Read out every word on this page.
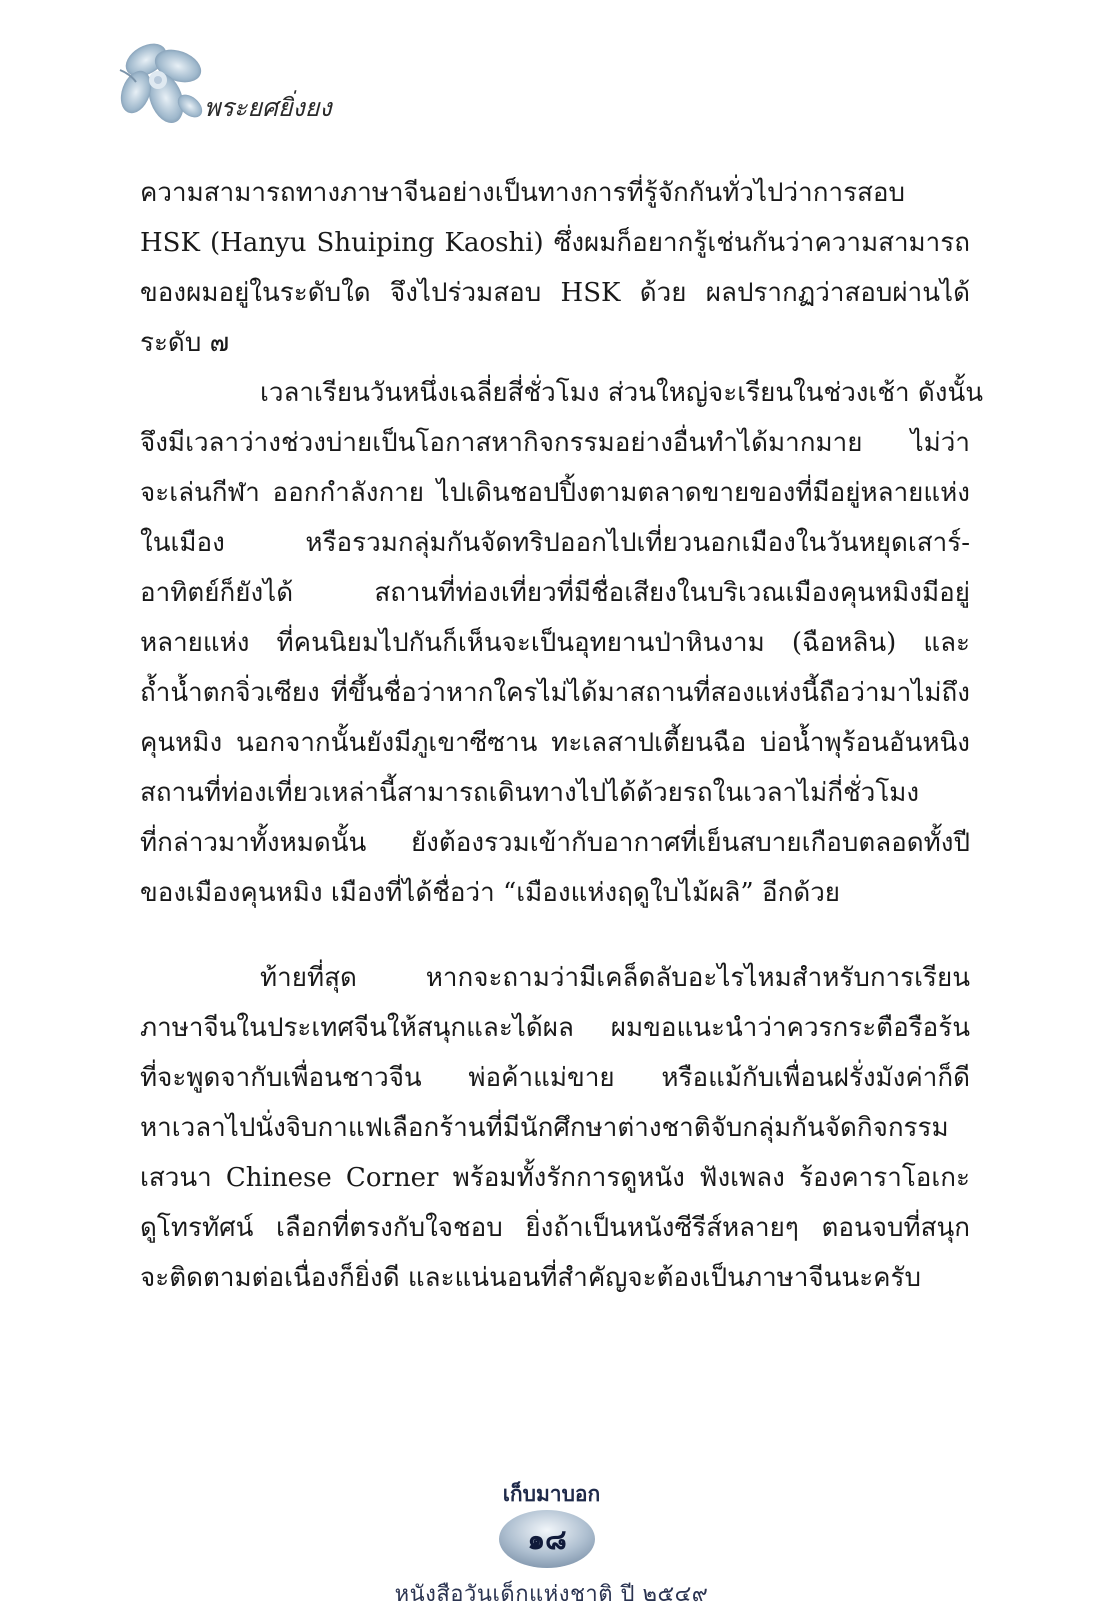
พระยศยิ่งยง
ความสามารถทางภาษาจีนอย่างเป็นทางการที่รู้จักกันทั่วไปว่าการสอบ
HSK (Hanyu Shuiping Kaoshi) ซึ่งผมก็อยากรู้เช่นกันว่าความสามารถ
ของผมอยู่ในระดับใด จึงไปร่วมสอบ HSK ด้วย ผลปรากฏว่าสอบผ่านได้
ระดับ ๗
เวลาเรียนวันหนึ่งเฉลี่ยสี่ชั่วโมง ส่วนใหญ่จะเรียนในช่วงเช้า ดังนั้น
จึงมีเวลาว่างช่วงบ่ายเป็นโอกาสหากิจกรรมอย่างอื่นทำได้มากมาย ไม่ว่า
จะเล่นกีฬา ออกกำลังกาย ไปเดินชอปปิ้งตามตลาดขายของที่มีอยู่หลายแห่ง
ในเมือง หรือรวมกลุ่มกันจัดทริปออกไปเที่ยวนอกเมืองในวันหยุดเสาร์-
อาทิตย์ก็ยังได้ สถานที่ท่องเที่ยวที่มีชื่อเสียงในบริเวณเมืองคุนหมิงมีอยู่
หลายแห่ง ที่คนนิยมไปกันก็เห็นจะเป็นอุทยานป่าหินงาม (ฉือหลิน) และ
ถ้ำน้ำตกจิ่วเซียง ที่ขึ้นชื่อว่าหากใครไม่ได้มาสถานที่สองแห่งนี้ถือว่ามาไม่ถึง
คุนหมิง นอกจากนั้นยังมีภูเขาซีซาน ทะเลสาปเตี้ยนฉือ บ่อน้ำพุร้อนอันหนิง
สถานที่ท่องเที่ยวเหล่านี้สามารถเดินทางไปได้ด้วยรถในเวลาไม่กี่ชั่วโมง
ที่กล่าวมาทั้งหมดนั้น ยังต้องรวมเข้ากับอากาศที่เย็นสบายเกือบตลอดทั้งปี
ของเมืองคุนหมิง เมืองที่ได้ชื่อว่า “เมืองแห่งฤดูใบไม้ผลิ” อีกด้วย
ท้ายที่สุด หากจะถามว่ามีเคล็ดลับอะไรไหมสำหรับการเรียน
ภาษาจีนในประเทศจีนให้สนุกและได้ผล ผมขอแนะนำว่าควรกระตือรือร้น
ที่จะพูดจากับเพื่อนชาวจีน พ่อค้าแม่ขาย หรือแม้กับเพื่อนฝรั่งมังค่าก็ดี
หาเวลาไปนั่งจิบกาแฟเลือกร้านที่มีนักศึกษาต่างชาติจับกลุ่มกันจัดกิจกรรม
เสวนา Chinese Corner พร้อมทั้งรักการดูหนัง ฟังเพลง ร้องคาราโอเกะ
ดูโทรทัศน์ เลือกที่ตรงกับใจชอบ ยิ่งถ้าเป็นหนังซีรีส์หลายๆ ตอนจบที่สนุก
จะติดตามต่อเนื่องก็ยิ่งดี และแน่นอนที่สำคัญจะต้องเป็นภาษาจีนนะครับ
เก็บมาบอก
๑๘
หนังสือวันเด็กแห่งชาติ ปี ๒๕๔๙
